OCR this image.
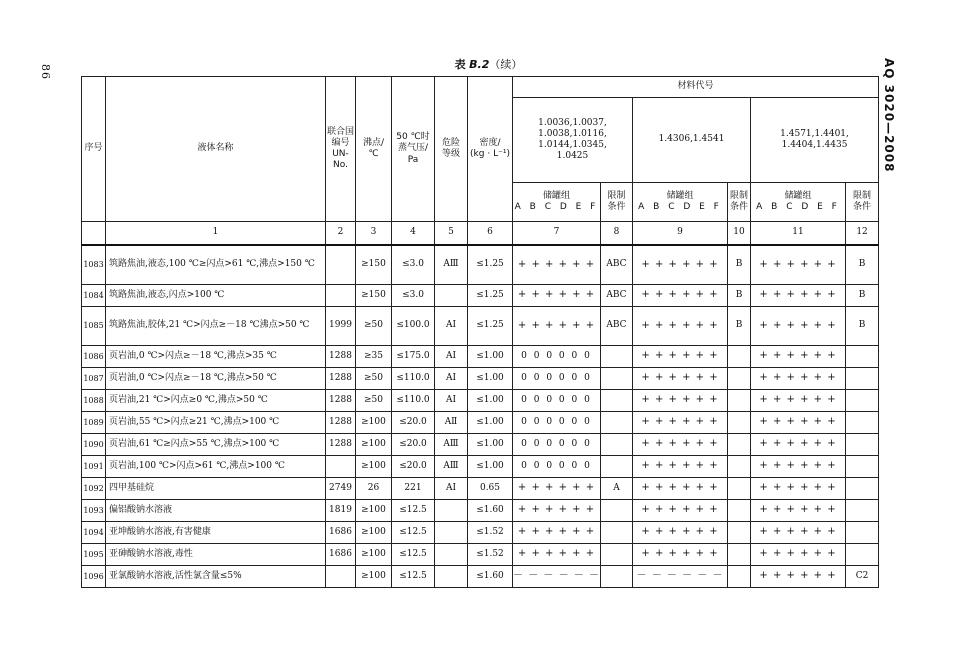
86	AQ 3020—2008
表 B.2（续）
序号	液体名称	联合国
编号
UN-No.	沸点/
℃	50 ℃时
蒸气压/
Pa	危险
等级	密度/
(kg · L⁻¹)	材料代号					
							1.0036,1.0037,
1.0038,1.0116,
1.0144,1.0345,
1.0425		1.4306,1.4541		1.4571,1.4401,
1.4404,1.4435	
							储罐组
A B C D E F	限制
条件	储罐组
A B C D E F	限制
条件	储罐组
A B C D E F	限制
条件
	1	2	3	4	5	6	7	8	9	10	11	12
1083	筑路焦油,液态,100 ℃≥闪点>61 ℃,沸点>150 ℃		≥150	≤3.0	AⅢ	≤1.25	+ + + + + +	ABC	+ + + + + +	B	+ + + + + +	B
1084	筑路焦油,液态,闪点>100 ℃		≥150	≤3.0		≤1.25	+ + + + + +	ABC	+ + + + + +	B	+ + + + + +	B
1085	筑路焦油,胶体,21 ℃>闪点≥－18 ℃沸点>50 ℃	1999	≥50	≤100.0	AⅠ	≤1.25	+ + + + + +	ABC	+ + + + + +	B	+ + + + + +	B
1086	页岩油,0 ℃>闪点≥－18 ℃,沸点>35 ℃	1288	≥35	≤175.0	AⅠ	≤1.00	0 0 0 0 0 0		+ + + + + +		+ + + + + +	
1087	页岩油,0 ℃>闪点≥－18 ℃,沸点>50 ℃	1288	≥50	≤110.0	AⅠ	≤1.00	0 0 0 0 0 0		+ + + + + +		+ + + + + +	
1088	页岩油,21 ℃>闪点≥0 ℃,沸点>50 ℃	1288	≥50	≤110.0	AⅠ	≤1.00	0 0 0 0 0 0		+ + + + + +		+ + + + + +	
1089	页岩油,55 ℃>闪点≥21 ℃,沸点>100 ℃	1288	≥100	≤20.0	AⅡ	≤1.00	0 0 0 0 0 0		+ + + + + +		+ + + + + +	
1090	页岩油,61 ℃≥闪点>55 ℃,沸点>100 ℃	1288	≥100	≤20.0	AⅢ	≤1.00	0 0 0 0 0 0		+ + + + + +		+ + + + + +	
1091	页岩油,100 ℃>闪点>61 ℃,沸点>100 ℃		≥100	≤20.0	AⅢ	≤1.00	0 0 0 0 0 0		+ + + + + +		+ + + + + +	
1092	四甲基硅烷	2749	26	221	AⅠ	0.65	+ + + + + +	A	+ + + + + +		+ + + + + +	
1093	偏铝酸钠水溶液	1819	≥100	≤12.5		≤1.60	+ + + + + +		+ + + + + +		+ + + + + +	
1094	亚坤酸钠水溶液,有害健康	1686	≥100	≤12.5		≤1.52	+ + + + + +		+ + + + + +		+ + + + + +	
1095	亚砷酸钠水溶液,毒性	1686	≥100	≤12.5		≤1.52	+ + + + + +		+ + + + + +		+ + + + + +	
1096	亚氯酸钠水溶液,活性氯含量≤5%		≥100	≤12.5		≤1.60	－ － － － － －		－ － － － － －		+ + + + + +	C2
